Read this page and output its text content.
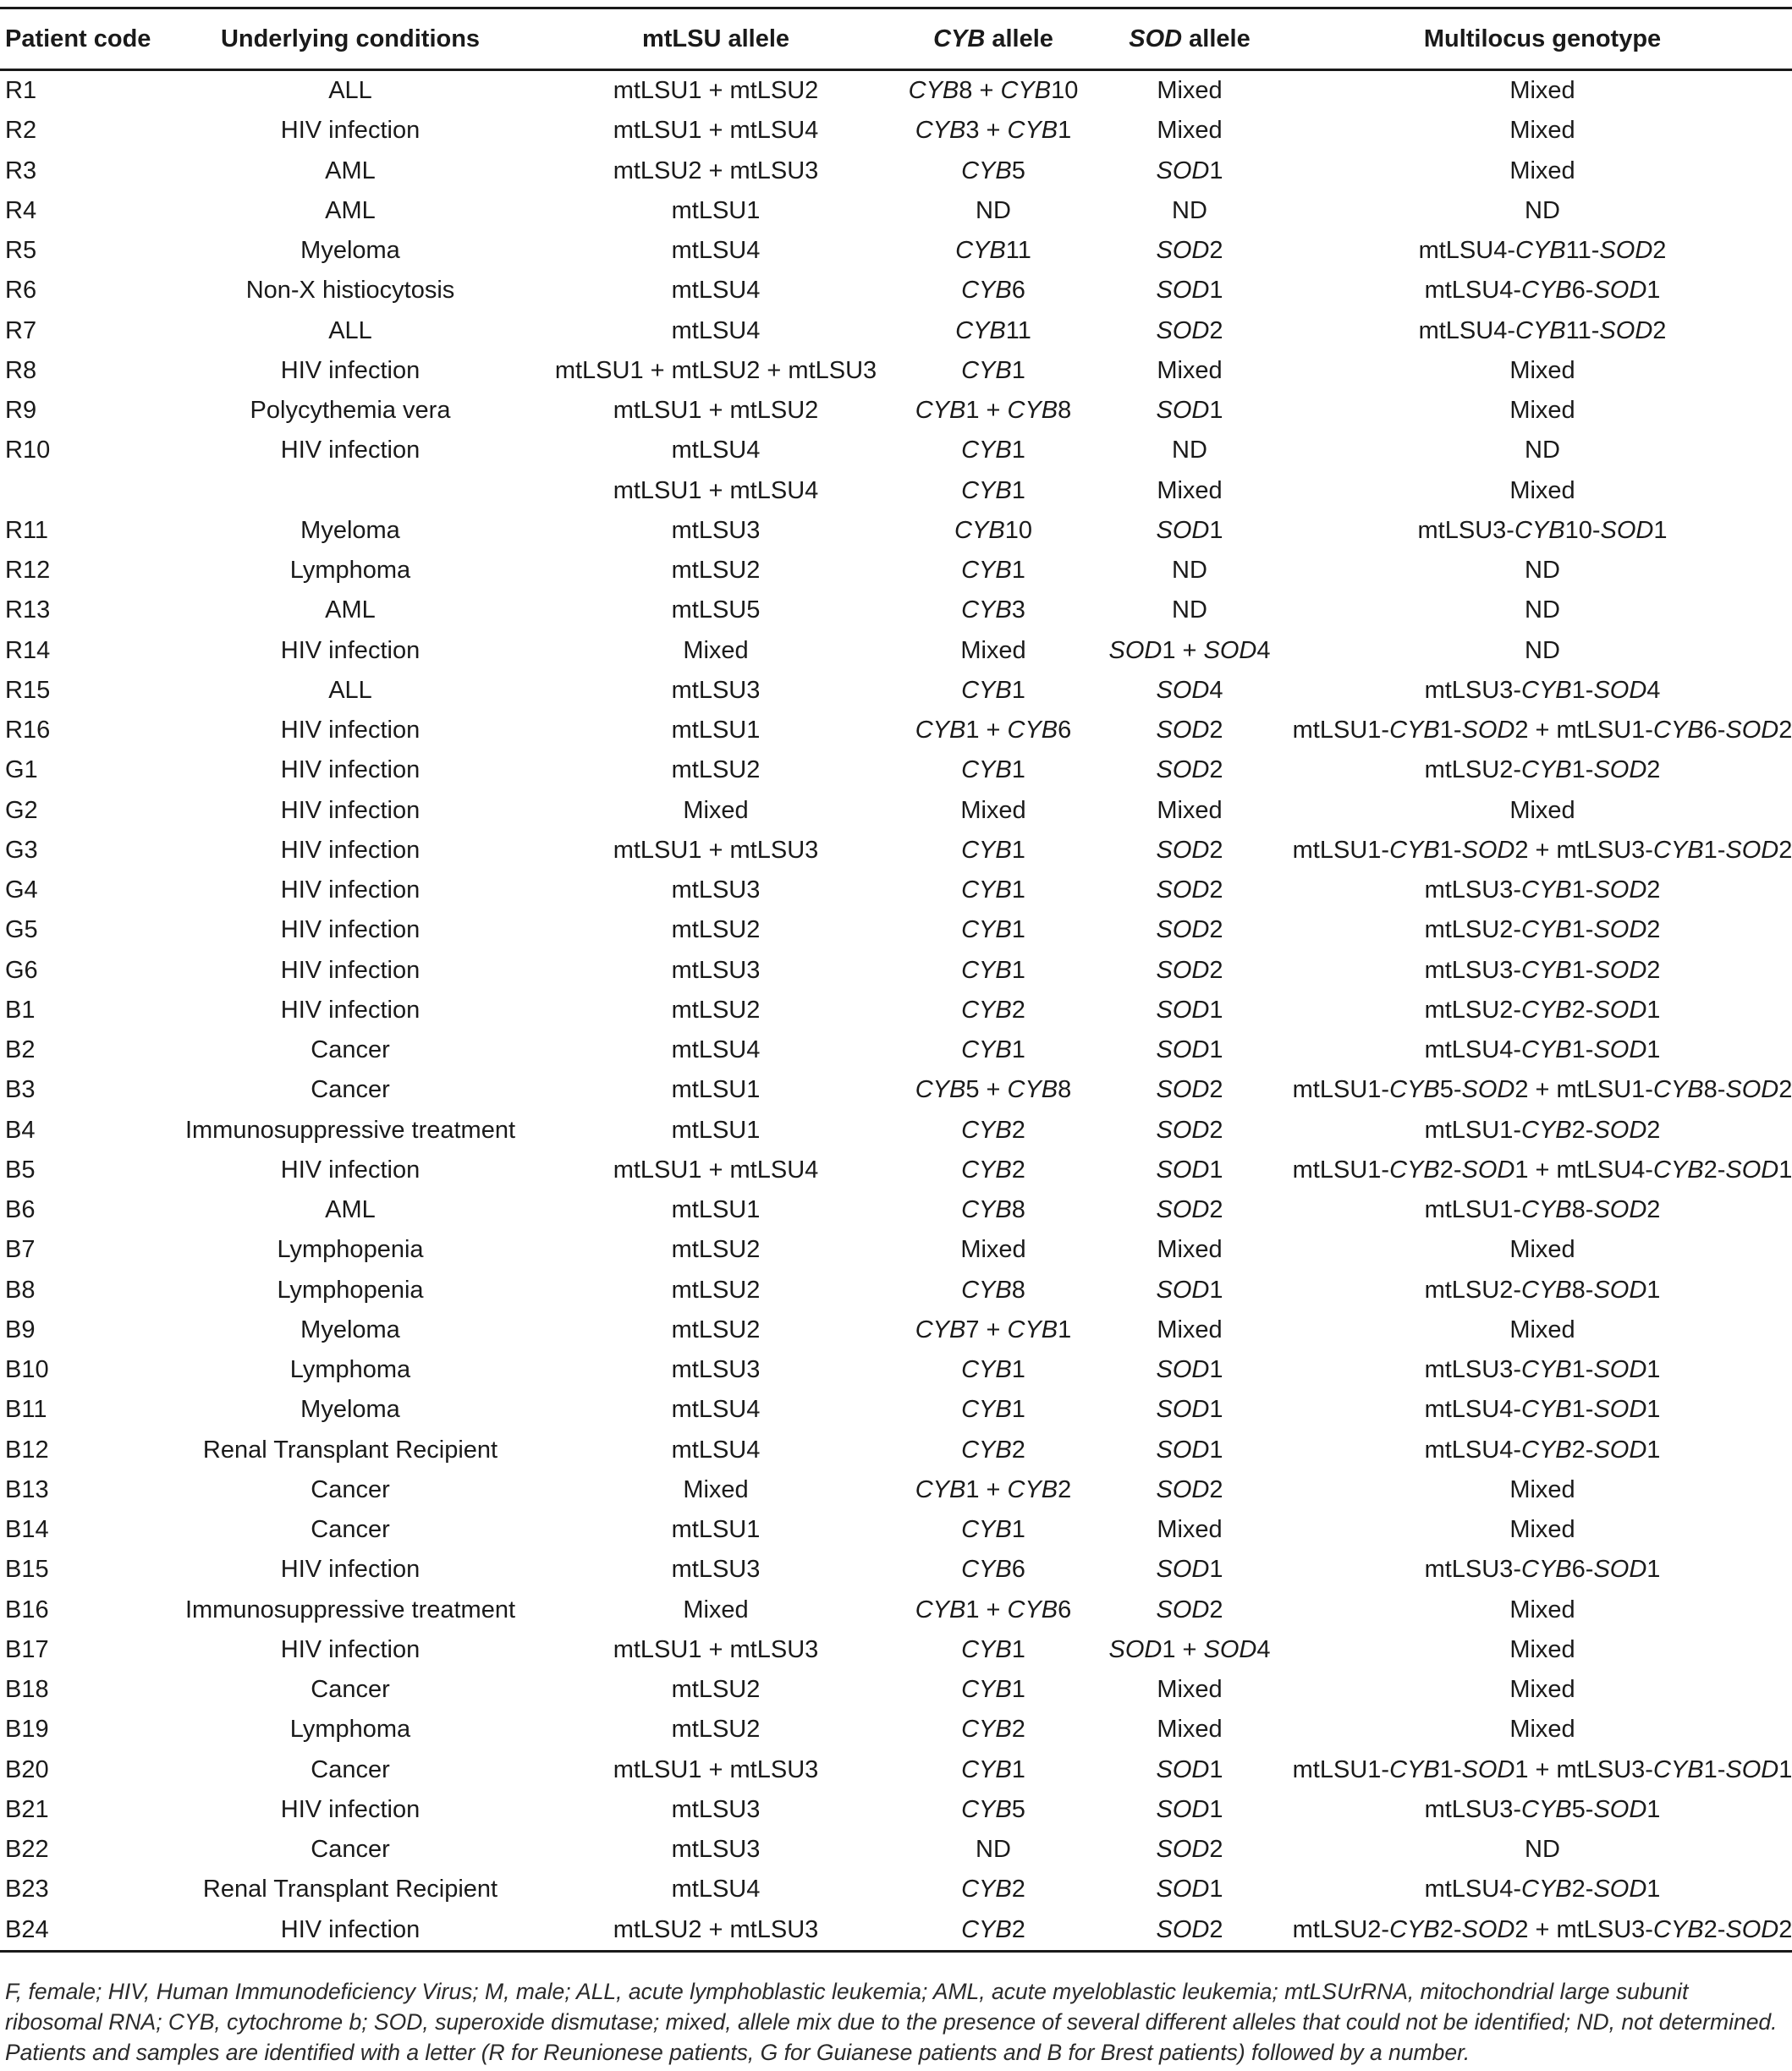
Patient code	Underlying conditions	mtLSU allele	CYB allele	SOD allele	Multilocus genotype
R1	ALL	mtLSU1 + mtLSU2	CYB8 + CYB10	Mixed	Mixed
R2	HIV infection	mtLSU1 + mtLSU4	CYB3 + CYB1	Mixed	Mixed
R3	AML	mtLSU2 + mtLSU3	CYB5	SOD1	Mixed
R4	AML	mtLSU1	ND	ND	ND
R5	Myeloma	mtLSU4	CYB11	SOD2	mtLSU4-CYB11-SOD2
R6	Non-X histiocytosis	mtLSU4	CYB6	SOD1	mtLSU4-CYB6-SOD1
R7	ALL	mtLSU4	CYB11	SOD2	mtLSU4-CYB11-SOD2
R8	HIV infection	mtLSU1 + mtLSU2 + mtLSU3	CYB1	Mixed	Mixed
R9	Polycythemia vera	mtLSU1 + mtLSU2	CYB1 + CYB8	SOD1	Mixed
R10	HIV infection	mtLSU4	CYB1	ND	ND
		mtLSU1 + mtLSU4	CYB1	Mixed	Mixed
R11	Myeloma	mtLSU3	CYB10	SOD1	mtLSU3-CYB10-SOD1
R12	Lymphoma	mtLSU2	CYB1	ND	ND
R13	AML	mtLSU5	CYB3	ND	ND
R14	HIV infection	Mixed	Mixed	SOD1 + SOD4	ND
R15	ALL	mtLSU3	CYB1	SOD4	mtLSU3-CYB1-SOD4
R16	HIV infection	mtLSU1	CYB1 + CYB6	SOD2	mtLSU1-CYB1-SOD2 + mtLSU1-CYB6-SOD2
G1	HIV infection	mtLSU2	CYB1	SOD2	mtLSU2-CYB1-SOD2
G2	HIV infection	Mixed	Mixed	Mixed	Mixed
G3	HIV infection	mtLSU1 + mtLSU3	CYB1	SOD2	mtLSU1-CYB1-SOD2 + mtLSU3-CYB1-SOD2
G4	HIV infection	mtLSU3	CYB1	SOD2	mtLSU3-CYB1-SOD2
G5	HIV infection	mtLSU2	CYB1	SOD2	mtLSU2-CYB1-SOD2
G6	HIV infection	mtLSU3	CYB1	SOD2	mtLSU3-CYB1-SOD2
B1	HIV infection	mtLSU2	CYB2	SOD1	mtLSU2-CYB2-SOD1
B2	Cancer	mtLSU4	CYB1	SOD1	mtLSU4-CYB1-SOD1
B3	Cancer	mtLSU1	CYB5 + CYB8	SOD2	mtLSU1-CYB5-SOD2 + mtLSU1-CYB8-SOD2
B4	Immunosuppressive treatment	mtLSU1	CYB2	SOD2	mtLSU1-CYB2-SOD2
B5	HIV infection	mtLSU1 + mtLSU4	CYB2	SOD1	mtLSU1-CYB2-SOD1 + mtLSU4-CYB2-SOD1
B6	AML	mtLSU1	CYB8	SOD2	mtLSU1-CYB8-SOD2
B7	Lymphopenia	mtLSU2	Mixed	Mixed	Mixed
B8	Lymphopenia	mtLSU2	CYB8	SOD1	mtLSU2-CYB8-SOD1
B9	Myeloma	mtLSU2	CYB7 + CYB1	Mixed	Mixed
B10	Lymphoma	mtLSU3	CYB1	SOD1	mtLSU3-CYB1-SOD1
B11	Myeloma	mtLSU4	CYB1	SOD1	mtLSU4-CYB1-SOD1
B12	Renal Transplant Recipient	mtLSU4	CYB2	SOD1	mtLSU4-CYB2-SOD1
B13	Cancer	Mixed	CYB1 + CYB2	SOD2	Mixed
B14	Cancer	mtLSU1	CYB1	Mixed	Mixed
B15	HIV infection	mtLSU3	CYB6	SOD1	mtLSU3-CYB6-SOD1
B16	Immunosuppressive treatment	Mixed	CYB1 + CYB6	SOD2	Mixed
B17	HIV infection	mtLSU1 + mtLSU3	CYB1	SOD1 + SOD4	Mixed
B18	Cancer	mtLSU2	CYB1	Mixed	Mixed
B19	Lymphoma	mtLSU2	CYB2	Mixed	Mixed
B20	Cancer	mtLSU1 + mtLSU3	CYB1	SOD1	mtLSU1-CYB1-SOD1 + mtLSU3-CYB1-SOD1
B21	HIV infection	mtLSU3	CYB5	SOD1	mtLSU3-CYB5-SOD1
B22	Cancer	mtLSU3	ND	SOD2	ND
B23	Renal Transplant Recipient	mtLSU4	CYB2	SOD1	mtLSU4-CYB2-SOD1
B24	HIV infection	mtLSU2 + mtLSU3	CYB2	SOD2	mtLSU2-CYB2-SOD2 + mtLSU3-CYB2-SOD2
F, female; HIV, Human Immunodeficiency Virus; M, male; ALL, acute lymphoblastic leukemia; AML, acute myeloblastic leukemia; mtLSUrRNA, mitochondrial large subunit ribosomal RNA; CYB, cytochrome b; SOD, superoxide dismutase; mixed, allele mix due to the presence of several different alleles that could not be identified; ND, not determined. Patients and samples are identified with a letter (R for Reunionese patients, G for Guianese patients and B for Brest patients) followed by a number.
